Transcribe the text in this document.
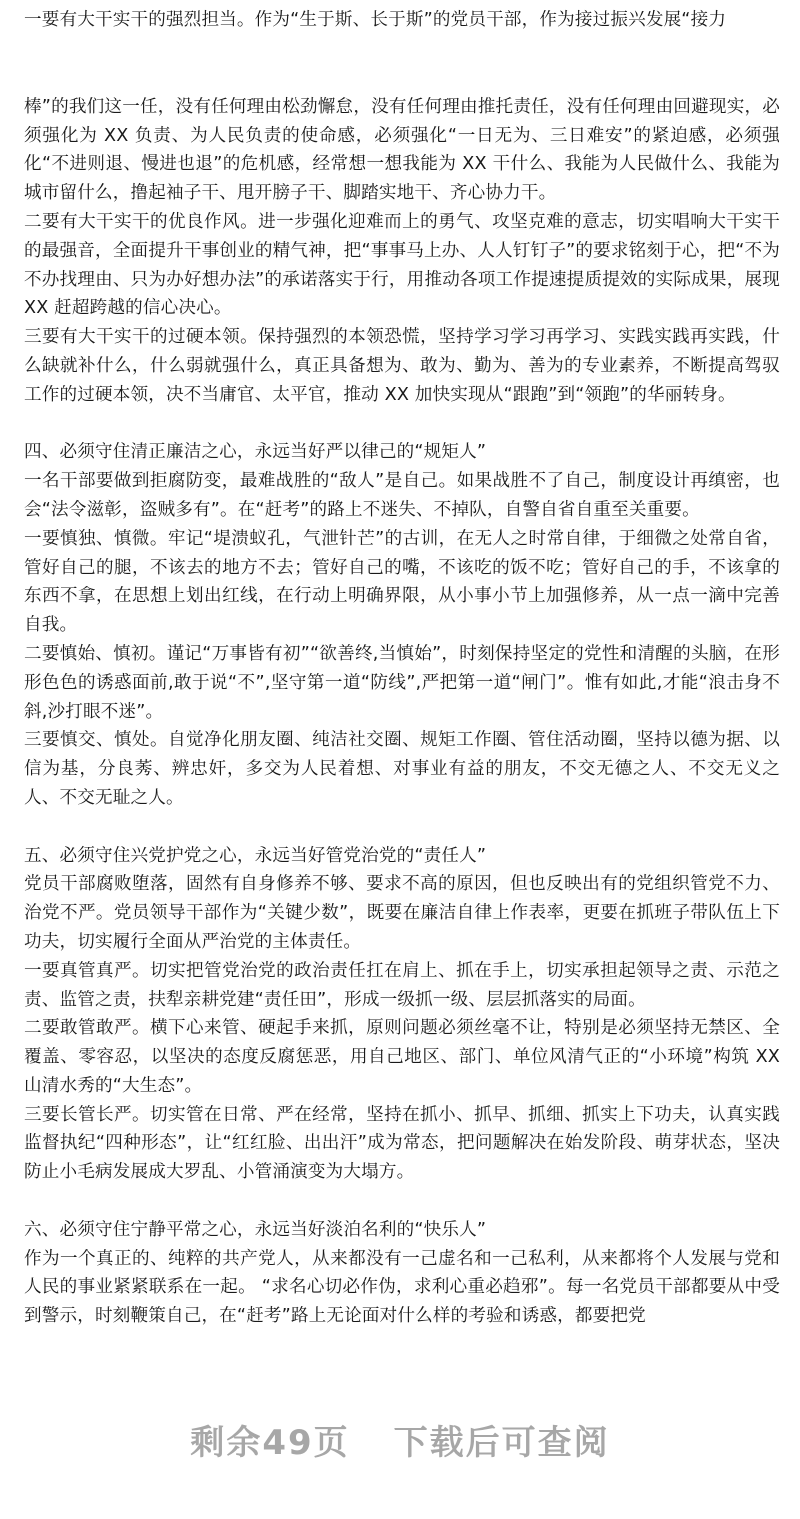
一要有大干实干的强烈担当。作为“生于斯、长于斯”的党员干部，作为接过振兴发展“接力

棒”的我们这一任，没有任何理由松劲懈怠，没有任何理由推托责任，没有任何理由回避现实，必须强化为 XX 负责、为人民负责的使命感，必须强化“一日无为、三日难安”的紧迫感，必须强化“不进则退、慢进也退”的危机感，经常想一想我能为 XX 干什么、我能为人民做什么、我能为城市留什么，撸起袖子干、甩开膀子干、脚踏实地干、齐心协力干。

二要有大干实干的优良作风。进一步强化迎难而上的勇气、攻坚克难的意志，切实唱响大干实干的最强音，全面提升干事创业的精气神，把“事事马上办、人人钉钉子”的要求铭刻于心，把“不为不办找理由、只为办好想办法”的承诺落实于行，用推动各项工作提速提质提效的实际成果，展现 XX 赶超跨越的信心决心。

三要有大干实干的过硬本领。保持强烈的本领恐慌，坚持学习学习再学习、实践实践再实践，什么缺就补什么，什么弱就强什么，真正具备想为、敢为、勤为、善为的专业素养，不断提高驾驭工作的过硬本领，决不当庸官、太平官，推动 XX 加快实现从“跟跑”到“领跑”的华丽转身。

四、必须守住清正廉洁之心，永远当好严以律己的“规矩人”

一名干部要做到拒腐防变，最难战胜的“敌人”是自己。如果战胜不了自己，制度设计再缜密，也会“法令滋彰，盗贼多有”。在“赶考”的路上不迷失、不掉队，自警自省自重至关重要。

一要慎独、慎微。牢记“堤溃蚁孔，气泄针芒”的古训，在无人之时常自律，于细微之处常自省，管好自己的腿，不该去的地方不去；管好自己的嘴，不该吃的饭不吃；管好自己的手，不该拿的东西不拿，在思想上划出红线，在行动上明确界限，从小事小节上加强修养，从一点一滴中完善自我。

二要慎始、慎初。谨记“万事皆有初”“欲善终,当慎始”，时刻保持坚定的党性和清醒的头脑，在形形色色的诱惑面前,敢于说“不”,坚守第一道“防线”,严把第一道“闸门”。惟有如此,才能“浪击身不斜,沙打眼不迷”。

三要慎交、慎处。自觉净化朋友圈、纯洁社交圈、规矩工作圈、管住活动圈，坚持以德为据、以信为基，分良莠、辨忠奸，多交为人民着想、对事业有益的朋友，不交无德之人、不交无义之人、不交无耻之人。

五、必须守住兴党护党之心，永远当好管党治党的“责任人”

党员干部腐败堕落，固然有自身修养不够、要求不高的原因，但也反映出有的党组织管党不力、治党不严。党员领导干部作为“关键少数”，既要在廉洁自律上作表率，更要在抓班子带队伍上下功夫，切实履行全面从严治党的主体责任。

一要真管真严。切实把管党治党的政治责任扛在肩上、抓在手上，切实承担起领导之责、示范之责、监管之责，扶犁亲耕党建“责任田”，形成一级抓一级、层层抓落实的局面。

二要敢管敢严。横下心来管、硬起手来抓，原则问题必须丝毫不让，特别是必须坚持无禁区、全覆盖、零容忍，以坚决的态度反腐惩恶，用自己地区、部门、单位风清气正的“小环境”构筑 XX 山清水秀的“大生态”。

三要长管长严。切实管在日常、严在经常，坚持在抓小、抓早、抓细、抓实上下功夫，认真实践监督执纪“四种形态”，让“红红脸、出出汗”成为常态，把问题解决在始发阶段、萌芽状态，坚决防止小毛病发展成大罗乱、小管涌演变为大塌方。

六、必须守住宁静平常之心，永远当好淡泊名利的“快乐人”

作为一个真正的、纯粹的共产党人，从来都没有一己虚名和一己私利，从来都将个人发展与党和人民的事业紧紧联系在一起。 “求名心切必作伪，求利心重必趋邪”。每一名党员干部都要从中受到警示，时刻鞭策自己，在“赶考”路上无论面对什么样的考验和诱惑，都要把党

剩余49页 下载后可查阅
